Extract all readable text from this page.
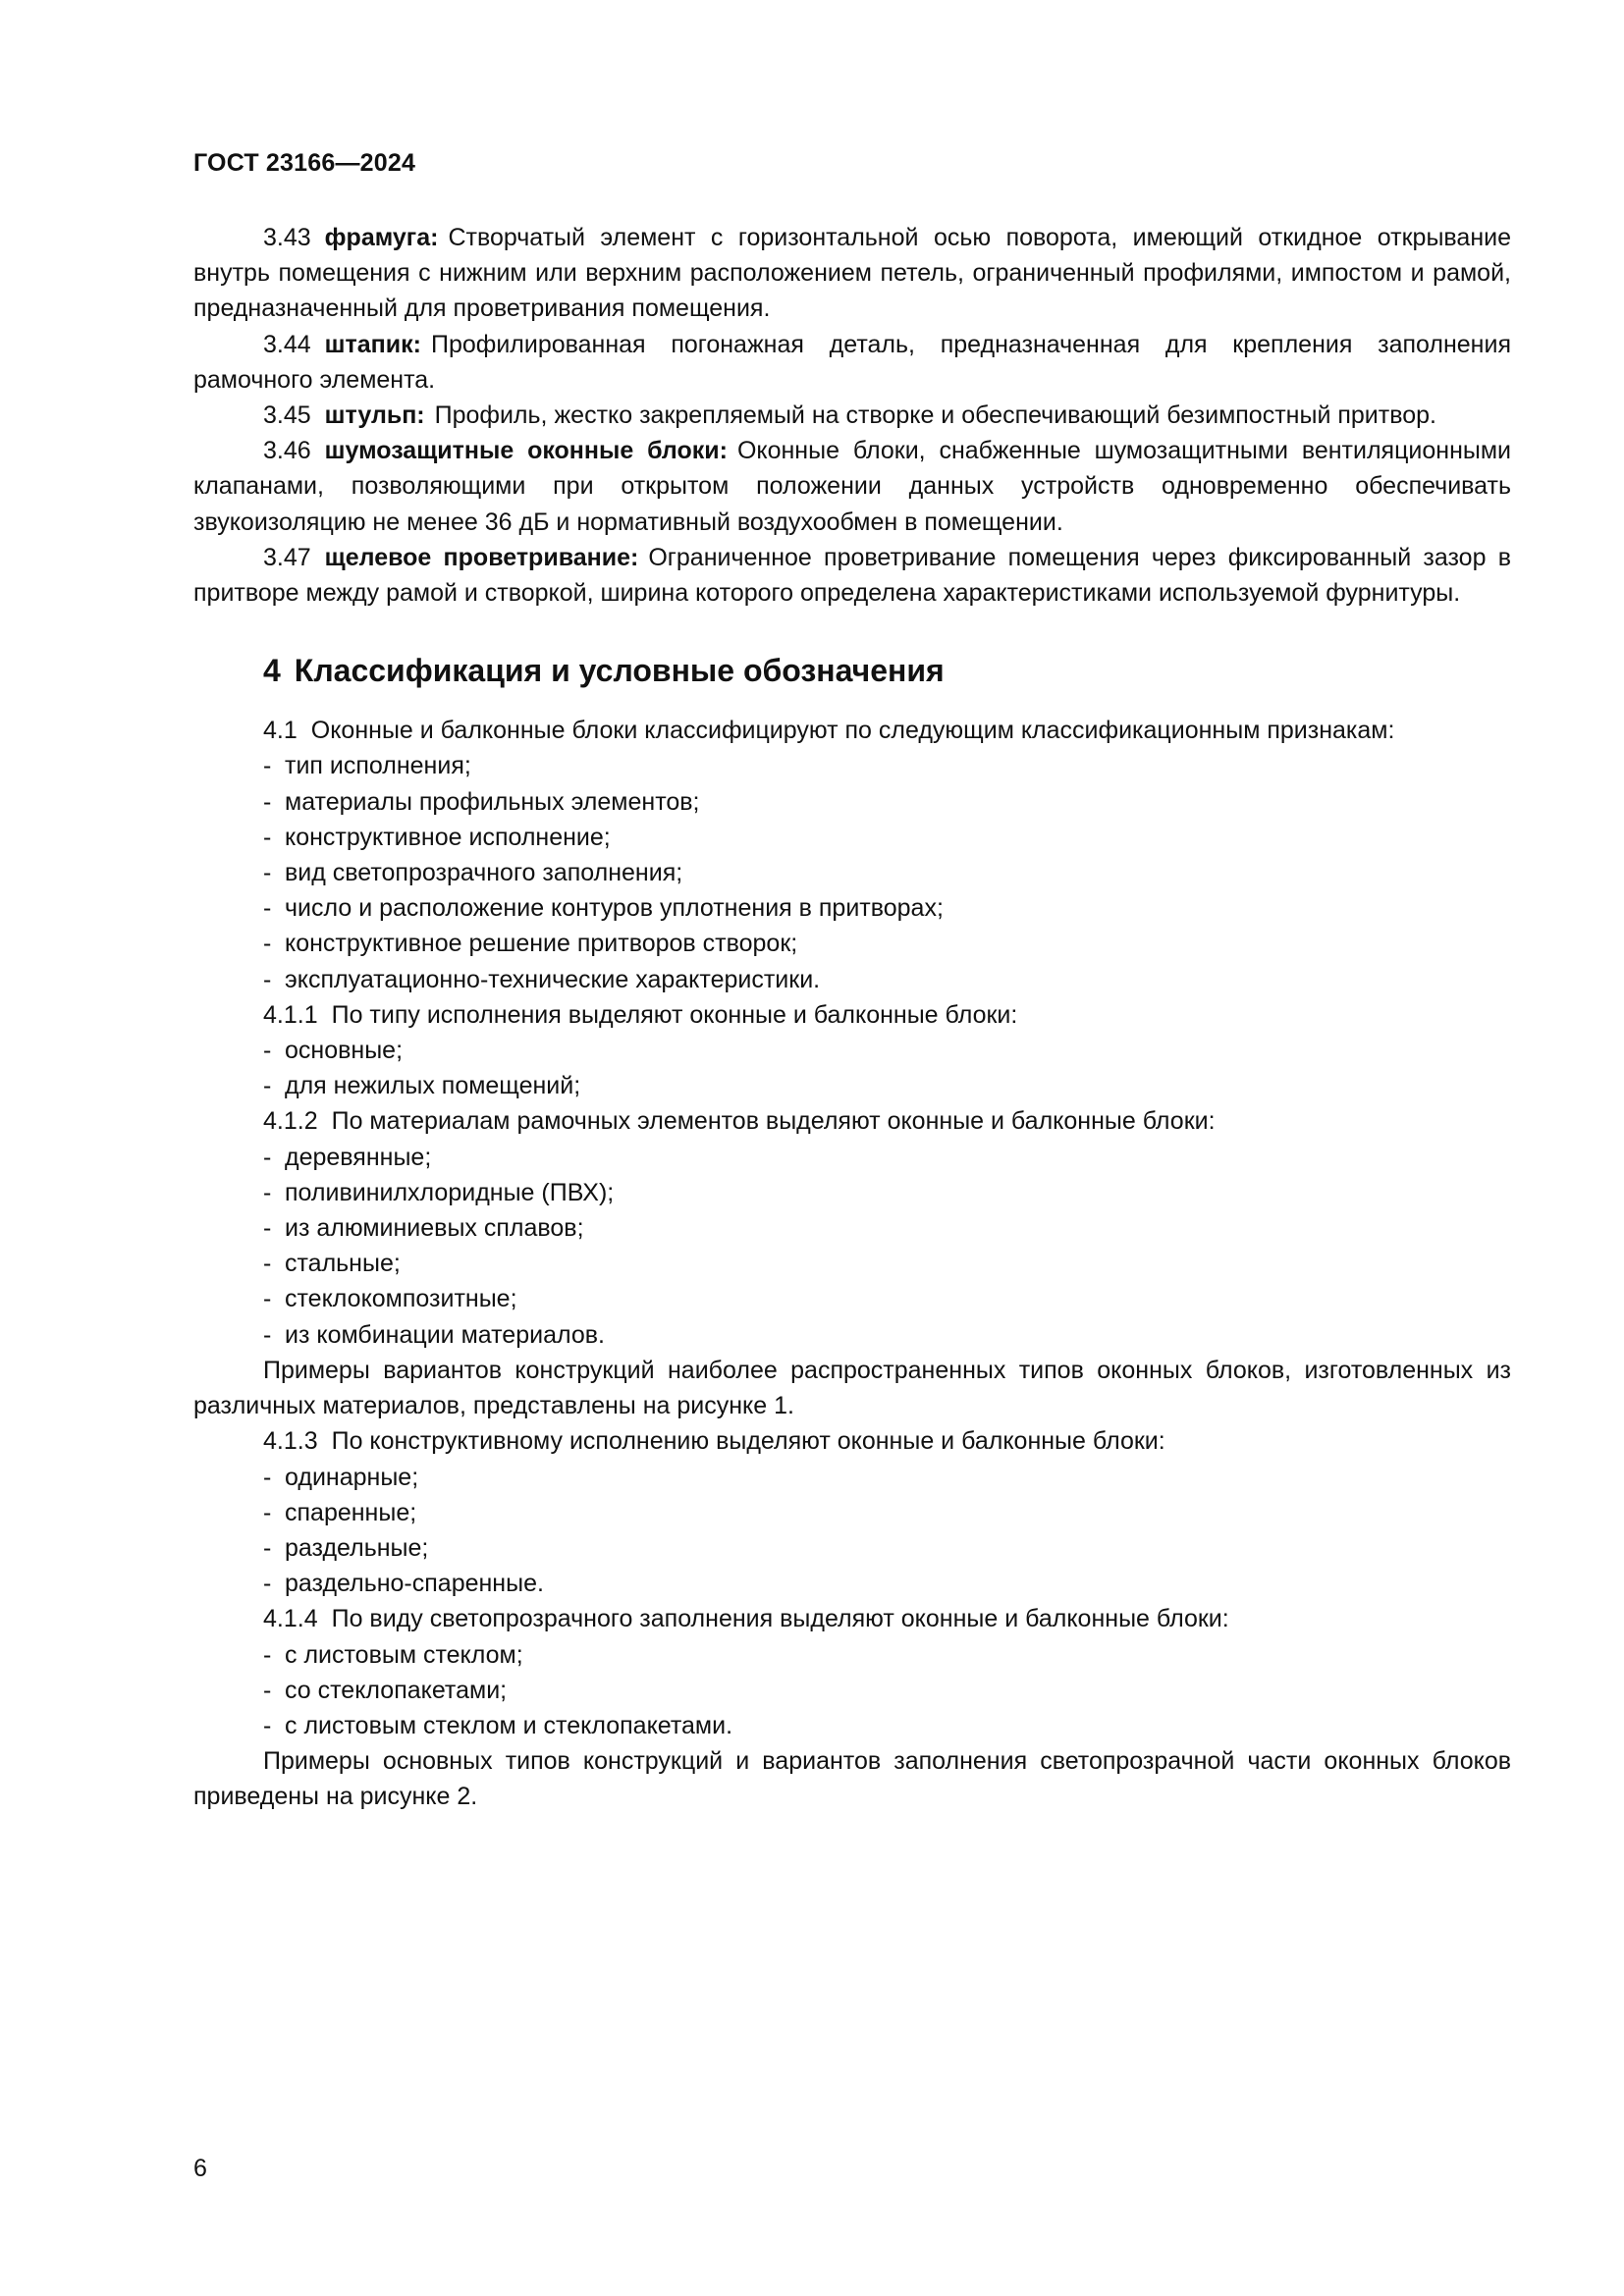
ГОСТ 23166—2024

3.43 фрамуга: Створчатый элемент с горизонтальной осью поворота, имеющий откидное открывание внутрь помещения с нижним или верхним расположением петель, ограниченный профилями, импостом и рамой, предназначенный для проветривания помещения.

3.44 штапик: Профилированная погонажная деталь, предназначенная для крепления заполнения рамочного элемента.

3.45 штульп: Профиль, жестко закрепляемый на створке и обеспечивающий безимпостный притвор.

3.46 шумозащитные оконные блоки: Оконные блоки, снабженные шумозащитными вентиляционными клапанами, позволяющими при открытом положении данных устройств одновременно обеспечивать звукоизоляцию не менее 36 дБ и нормативный воздухообмен в помещении.

3.47 щелевое проветривание: Ограниченное проветривание помещения через фиксированный зазор в притворе между рамой и створкой, ширина которого определена характеристиками используемой фурнитуры.

4 Классификация и условные обозначения

4.1 Оконные и балконные блоки классифицируют по следующим классификационным признакам:

- тип исполнения;

- материалы профильных элементов;

- конструктивное исполнение;

- вид светопрозрачного заполнения;

- число и расположение контуров уплотнения в притворах;

- конструктивное решение притворов створок;

- эксплуатационно-технические характеристики.

4.1.1 По типу исполнения выделяют оконные и балконные блоки:

- основные;

- для нежилых помещений;

4.1.2 По материалам рамочных элементов выделяют оконные и балконные блоки:

- деревянные;

- поливинилхлоридные (ПВХ);

- из алюминиевых сплавов;

- стальные;

- стеклокомпозитные;

- из комбинации материалов.

Примеры вариантов конструкций наиболее распространенных типов оконных блоков, изготовленных из различных материалов, представлены на рисунке 1.

4.1.3 По конструктивному исполнению выделяют оконные и балконные блоки:

- одинарные;

- спаренные;

- раздельные;

- раздельно-спаренные.

4.1.4 По виду светопрозрачного заполнения выделяют оконные и балконные блоки:

- с листовым стеклом;

- со стеклопакетами;

- с листовым стеклом и стеклопакетами.

Примеры основных типов конструкций и вариантов заполнения светопрозрачной части оконных блоков приведены на рисунке 2.

6
